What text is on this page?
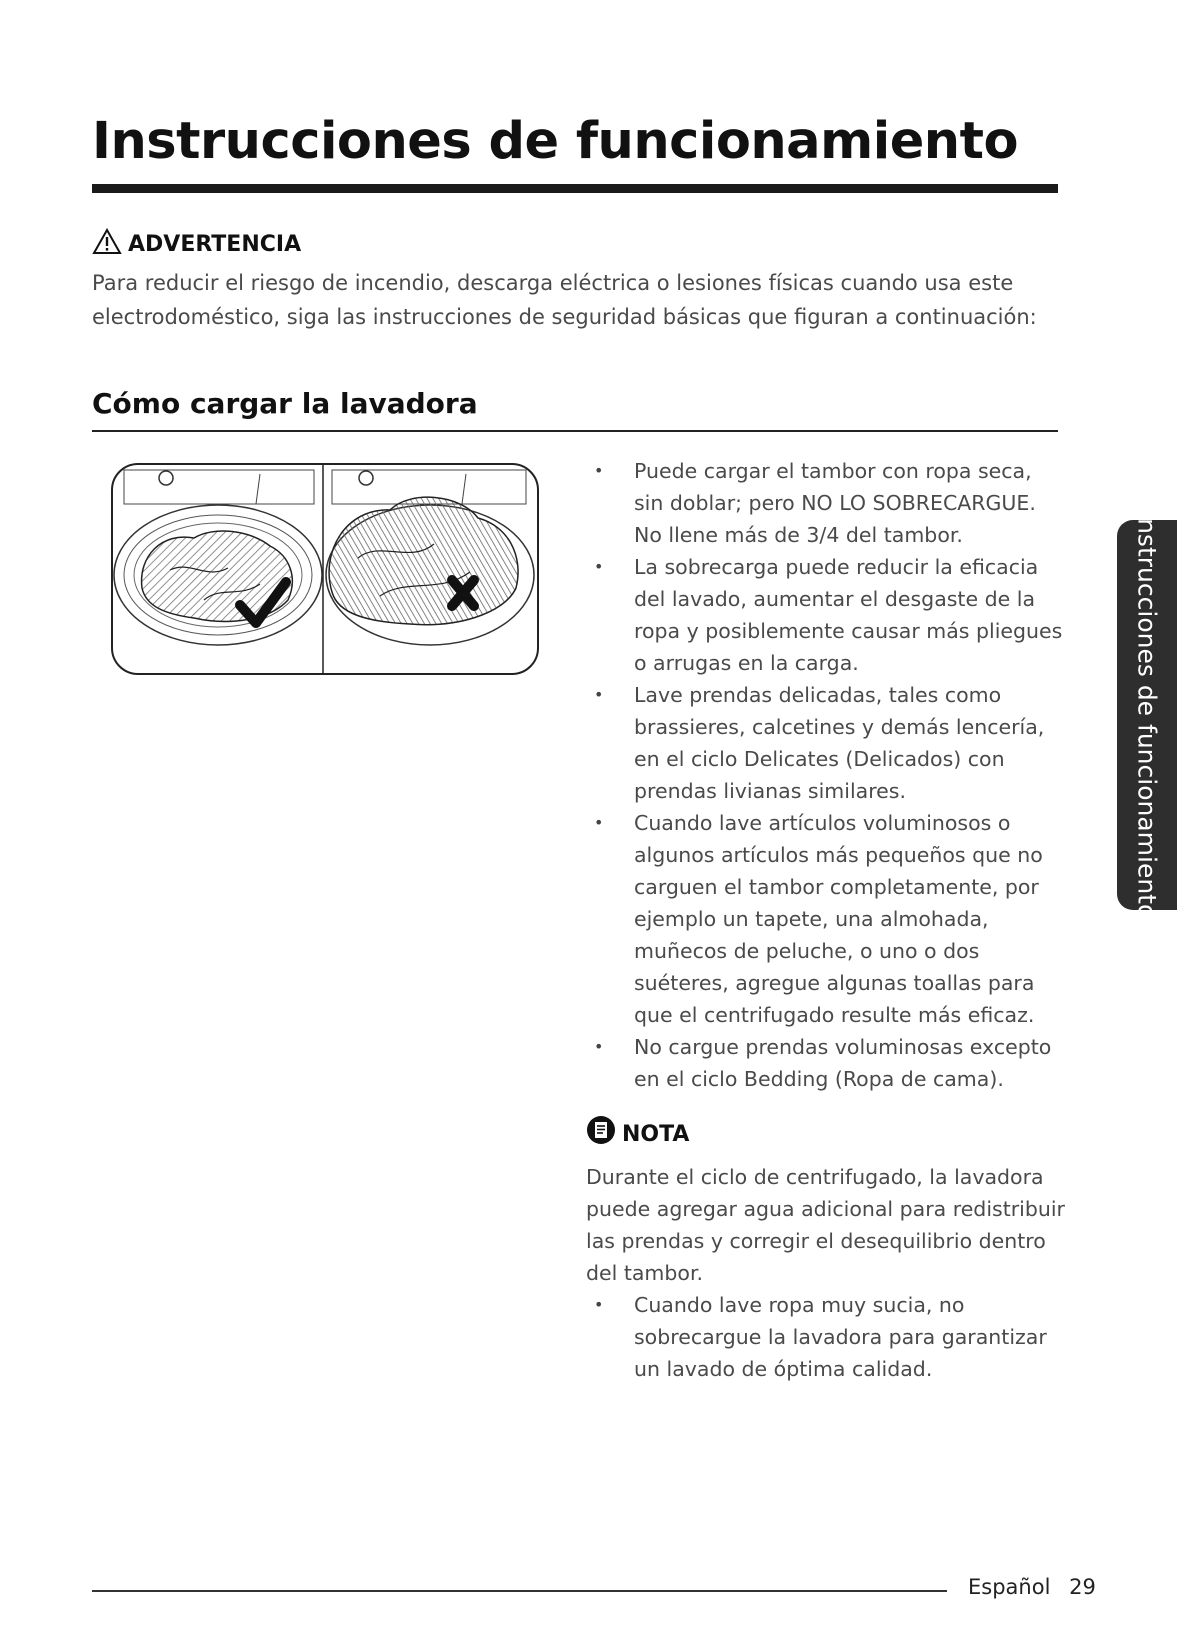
Instrucciones de funcionamiento
ADVERTENCIA

Para reducir el riesgo de incendio, descarga eléctrica o lesiones físicas cuando usa este electrodoméstico, siga las instrucciones de seguridad básicas que figuran a continuación:

Cómo cargar la lavadora
• Puede cargar el tambor con ropa seca, sin doblar; pero NO LO SOBRECARGUE. No llene más de 3/4 del tambor.
• La sobrecarga puede reducir la eficacia del lavado, aumentar el desgaste de la ropa y posiblemente causar más pliegues o arrugas en la carga.
• Lave prendas delicadas, tales como brassieres, calcetines y demás lencería, en el ciclo Delicates (Delicados) con prendas livianas similares.
• Cuando lave artículos voluminosos o algunos artículos más pequeños que no carguen el tambor completamente, por ejemplo un tapete, una almohada, muñecos de peluche, o uno o dos suéteres, agregue algunas toallas para que el centrifugado resulte más eficaz.
• No cargue prendas voluminosas excepto en el ciclo Bedding (Ropa de cama).
NOTA

Durante el ciclo de centrifugado, la lavadora puede agregar agua adicional para redistribuir las prendas y corregir el desequilibrio dentro del tambor.

• Cuando lave ropa muy sucia, no sobrecargue la lavadora para garantizar un lavado de óptima calidad.
Instrucciones de funcionamiento
Español 29
